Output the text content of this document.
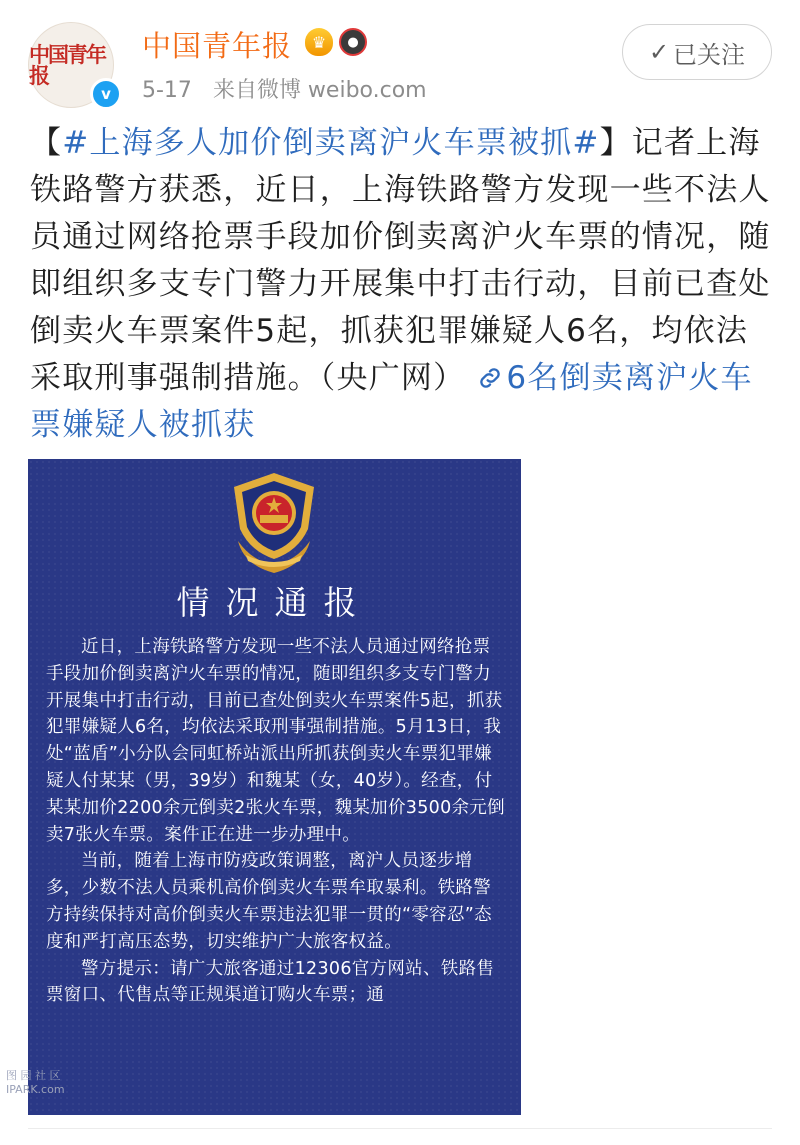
中国青年报
v
中国青年报	♛	●
5-17 来自微博 weibo.com
✓ 已关注

【#上海多人加价倒卖离沪火车票被抓#】记者上海铁路警方获悉，近日，上海铁路警方发现一些不法人员通过网络抢票手段加价倒卖离沪火车票的情况，随即组织多支专门警力开展集中打击行动，目前已查处倒卖火车票案件5起，抓获犯罪嫌疑人6名，均依法采取刑事强制措施。（央广网） 6名倒卖离沪火车票嫌疑人被抓获

情况通报

近日，上海铁路警方发现一些不法人员通过网络抢票手段加价倒卖离沪火车票的情况，随即组织多支专门警力开展集中打击行动，目前已查处倒卖火车票案件5起，抓获犯罪嫌疑人6名，均依法采取刑事强制措施。5月13日，我处“蓝盾”小分队会同虹桥站派出所抓获倒卖火车票犯罪嫌疑人付某某（男，39岁）和魏某（女，40岁）。经查，付某某加价2200余元倒卖2张火车票，魏某加价3500余元倒卖7张火车票。案件正在进一步办理中。

当前，随着上海市防疫政策调整，离沪人员逐步增多，少数不法人员乘机高价倒卖火车票牟取暴利。铁路警方持续保持对高价倒卖火车票违法犯罪一贯的“零容忍”态度和严打高压态势，切实维护广大旅客权益。

警方提示：请广大旅客通过12306官方网站、铁路售票窗口、代售点等正规渠道订购火车票；通

图 园 社 区
IPARK.com
